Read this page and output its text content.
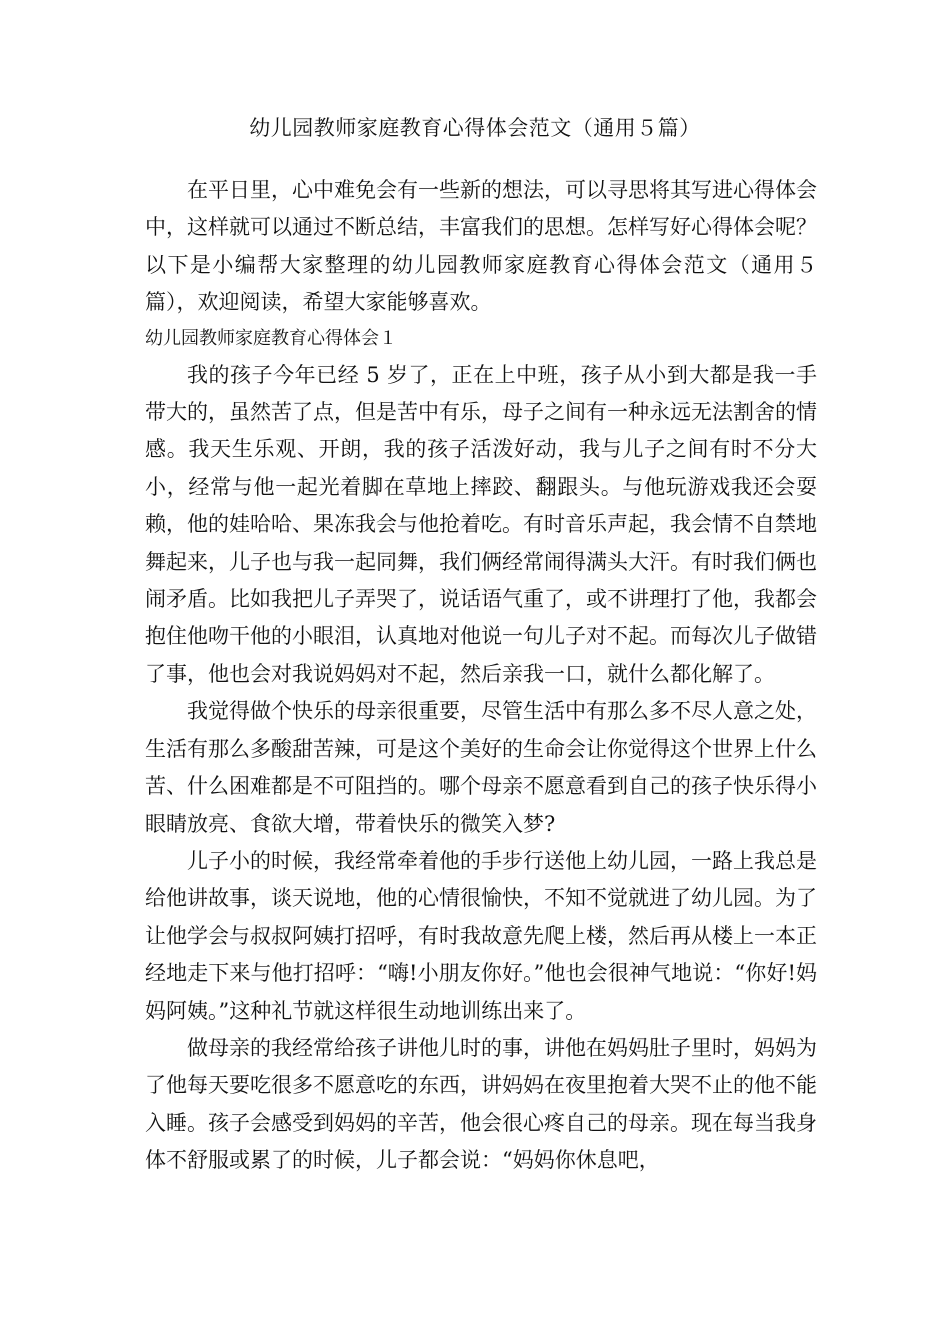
幼儿园教师家庭教育心得体会范文（通用５篇）

在平日里，心中难免会有一些新的想法，可以寻思将其写进心得体会中，这样就可以通过不断总结，丰富我们的思想。怎样写好心得体会呢？以下是小编帮大家整理的幼儿园教师家庭教育心得体会范文（通用５篇），欢迎阅读，希望大家能够喜欢。

幼儿园教师家庭教育心得体会１

我的孩子今年已经 5 岁了，正在上中班，孩子从小到大都是我一手带大的，虽然苦了点，但是苦中有乐，母子之间有一种永远无法割舍的情感。我天生乐观、开朗，我的孩子活泼好动，我与儿子之间有时不分大小，经常与他一起光着脚在草地上摔跤、翻跟头。与他玩游戏我还会耍赖，他的娃哈哈、果冻我会与他抢着吃。有时音乐声起，我会情不自禁地舞起来，儿子也与我一起同舞，我们俩经常闹得满头大汗。有时我们俩也闹矛盾。比如我把儿子弄哭了，说话语气重了，或不讲理打了他，我都会抱住他吻干他的小眼泪，认真地对他说一句儿子对不起。而每次儿子做错了事，他也会对我说妈妈对不起，然后亲我一口，就什么都化解了。

我觉得做个快乐的母亲很重要，尽管生活中有那么多不尽人意之处，生活有那么多酸甜苦辣，可是这个美好的生命会让你觉得这个世界上什么苦、什么困难都是不可阻挡的。哪个母亲不愿意看到自己的孩子快乐得小眼睛放亮、食欲大增，带着快乐的微笑入梦?

儿子小的时候，我经常牵着他的手步行送他上幼儿园，一路上我总是给他讲故事，谈天说地，他的心情很愉快，不知不觉就进了幼儿园。为了让他学会与叔叔阿姨打招呼，有时我故意先爬上楼，然后再从楼上一本正经地走下来与他打招呼：“嗨!小朋友你好。”他也会很神气地说：“你好!妈妈阿姨。”这种礼节就这样很生动地训练出来了。

做母亲的我经常给孩子讲他儿时的事，讲他在妈妈肚子里时，妈妈为了他每天要吃很多不愿意吃的东西，讲妈妈在夜里抱着大哭不止的他不能入睡。孩子会感受到妈妈的辛苦，他会很心疼自己的母亲。现在每当我身体不舒服或累了的时候，儿子都会说：“妈妈你休息吧，
